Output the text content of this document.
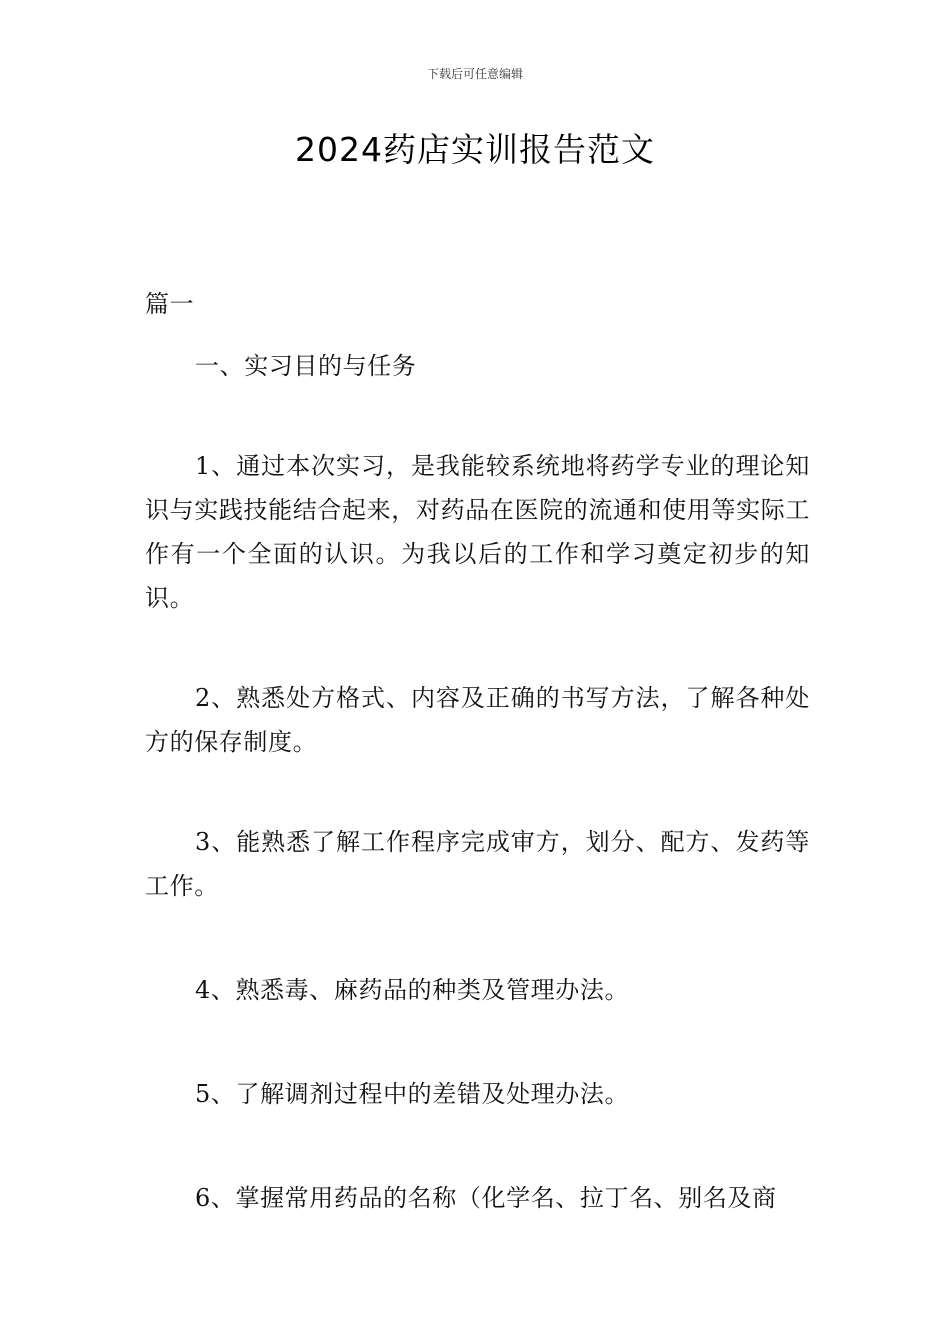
下载后可任意编辑
2024药店实训报告范文

篇一

一、实习目的与任务

1、通过本次实习，是我能较系统地将药学专业的理论知识与实践技能结合起来，对药品在医院的流通和使用等实际工作有一个全面的认识。为我以后的工作和学习奠定初步的知识。

2、熟悉处方格式、内容及正确的书写方法，了解各种处方的保存制度。

3、能熟悉了解工作程序完成审方，划分、配方、发药等工作。

4、熟悉毒、麻药品的种类及管理办法。

5、了解调剂过程中的差错及处理办法。

6、掌握常用药品的名称（化学名、拉丁名、别名及商
